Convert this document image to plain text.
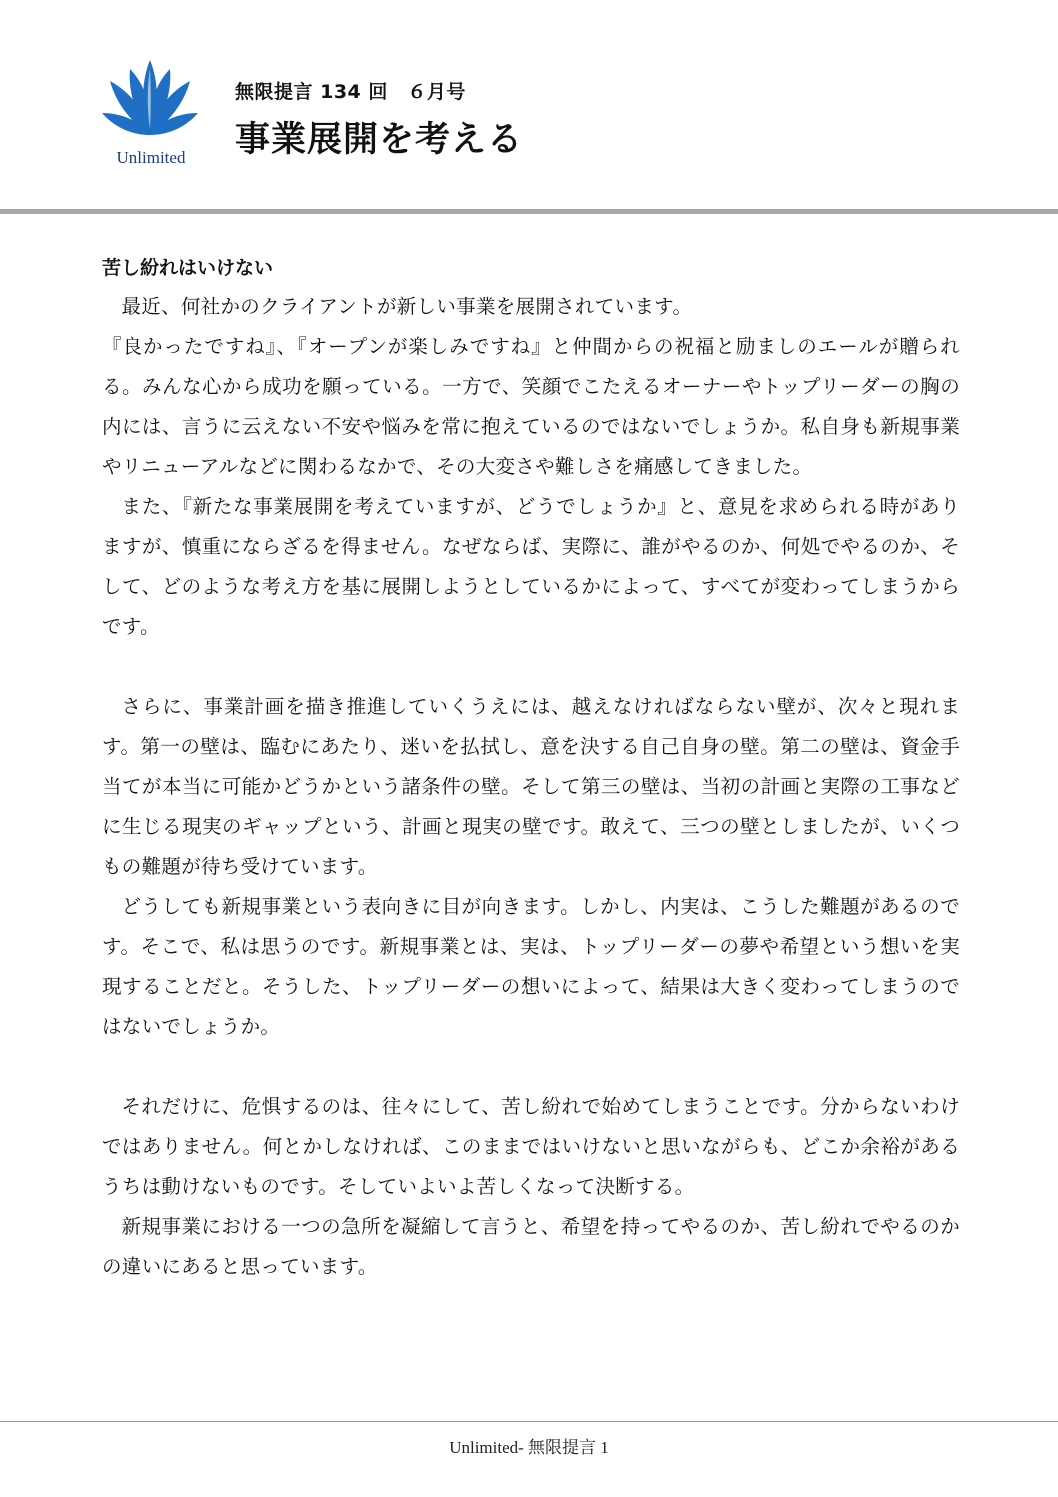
Unlimited
無限提言 134 回　６月号
事業展開を考える
苦し紛れはいけない

最近、何社かのクライアントが新しい事業を展開されています。

『良かったですね』、『オープンが楽しみですね』と仲間からの祝福と励ましのエールが贈られる。みんな心から成功を願っている。一方で、笑顔でこたえるオーナーやトップリーダーの胸の内には、言うに云えない不安や悩みを常に抱えているのではないでしょうか。私自身も新規事業やリニューアルなどに関わるなかで、その大変さや難しさを痛感してきました。

また、『新たな事業展開を考えていますが、どうでしょうか』と、意見を求められる時がありますが、慎重にならざるを得ません。なぜならば、実際に、誰がやるのか、何処でやるのか、そして、どのような考え方を基に展開しようとしているかによって、すべてが変わってしまうからです。

さらに、事業計画を描き推進していくうえには、越えなければならない壁が、次々と現れます。第一の壁は、臨むにあたり、迷いを払拭し、意を決する自己自身の壁。第二の壁は、資金手当てが本当に可能かどうかという諸条件の壁。そして第三の壁は、当初の計画と実際の工事などに生じる現実のギャップという、計画と現実の壁です。敢えて、三つの壁としましたが、いくつもの難題が待ち受けています。

どうしても新規事業という表向きに目が向きます。しかし、内実は、こうした難題があるのです。そこで、私は思うのです。新規事業とは、実は、トップリーダーの夢や希望という想いを実現することだと。そうした、トップリーダーの想いによって、結果は大きく変わってしまうのではないでしょうか。

それだけに、危惧するのは、往々にして、苦し紛れで始めてしまうことです。分からないわけではありません。何とかしなければ、このままではいけないと思いながらも、どこか余裕があるうちは動けないものです。そしていよいよ苦しくなって決断する。

新規事業における一つの急所を凝縮して言うと、希望を持ってやるのか、苦し紛れでやるのかの違いにあると思っています。

Unlimited- 無限提言 1
